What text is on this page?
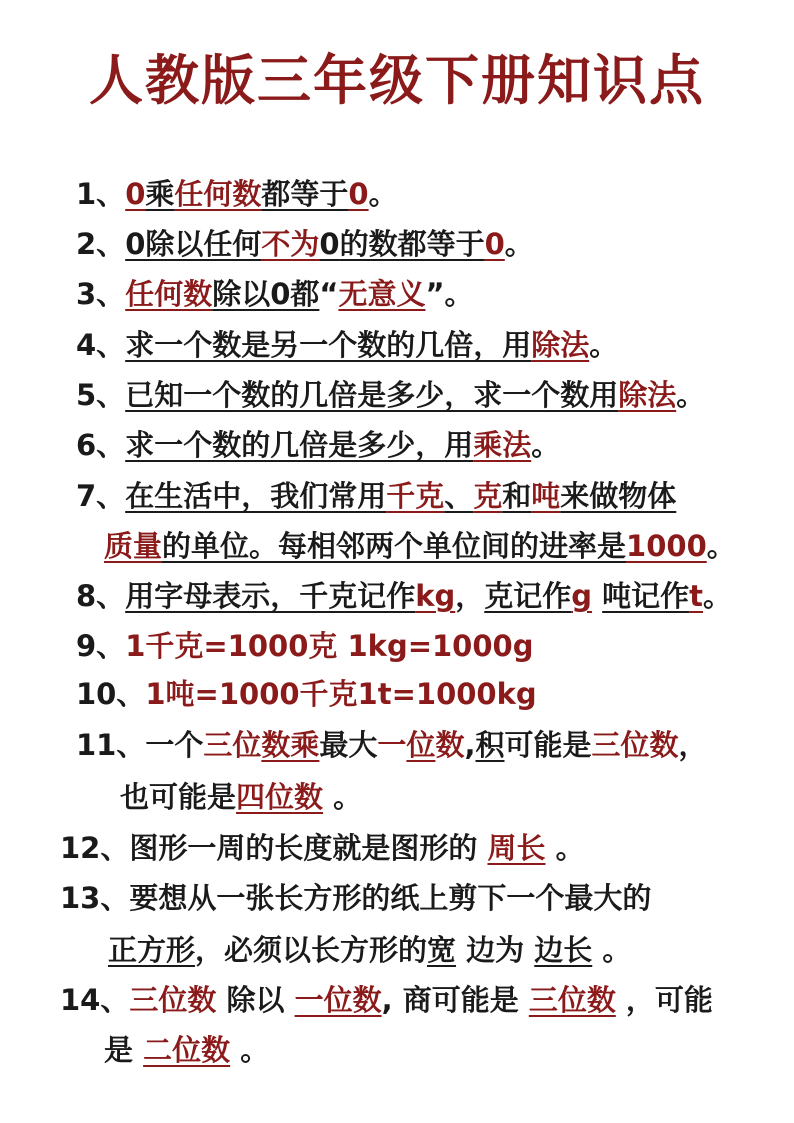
人教版三年级下册知识点
1、0乘任何数都等于0。
2、0除以任何不为0的数都等于0。
3、任何数除以0都“无意义”。
4、求一个数是另一个数的几倍，用除法。
5、已知一个数的几倍是多少，求一个数用除法。
6、求一个数的几倍是多少，用乘法。
7、在生活中，我们常用千克、克和吨来做物体
质量的单位。每相邻两个单位间的进率是1000。
8、用字母表示，千克记作kg，克记作g 吨记作t。
9、1千克=1000克 1kg=1000g
10、1吨=1000千克1t=1000kg
11、一个三位数乘最大一位数,积可能是三位数，
也可能是四位数 。
12、图形一周的长度就是图形的 周长 。
13、要想从一张长方形的纸上剪下一个最大的
正方形，必须以长方形的宽 边为 边长 。
14、三位数 除以 一位数, 商可能是 三位数 ，可能
是 二位数 。
